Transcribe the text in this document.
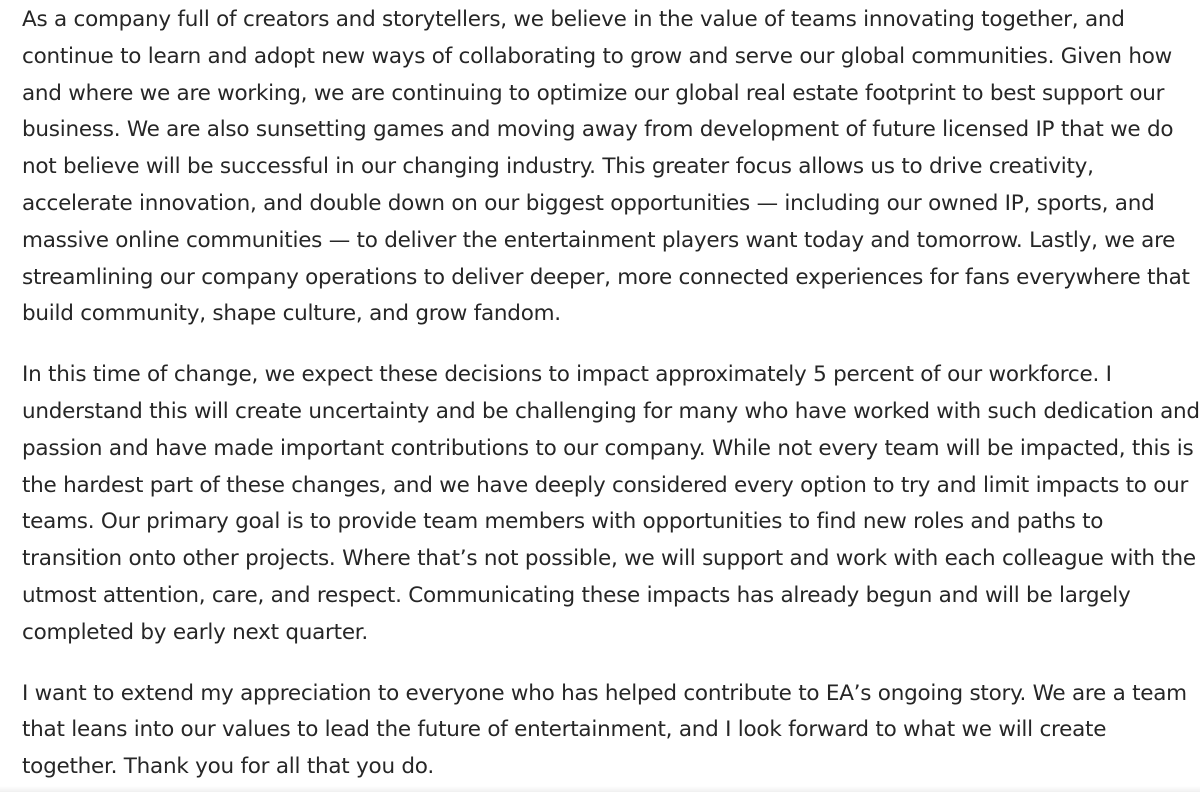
As a company full of creators and storytellers, we believe in the value of teams innovating together, and continue to learn and adopt new ways of collaborating to grow and serve our global communities. Given how and where we are working, we are continuing to optimize our global real estate footprint to best support our business. We are also sunsetting games and moving away from development of future licensed IP that we do not believe will be successful in our changing industry. This greater focus allows us to drive creativity, accelerate innovation, and double down on our biggest opportunities — including our owned IP, sports, and massive online communities — to deliver the entertainment players want today and tomorrow. Lastly, we are streamlining our company operations to deliver deeper, more connected experiences for fans everywhere that build community, shape culture, and grow fandom.

In this time of change, we expect these decisions to impact approximately 5 percent of our workforce. I understand this will create uncertainty and be challenging for many who have worked with such dedication and passion and have made important contributions to our company. While not every team will be impacted, this is the hardest part of these changes, and we have deeply considered every option to try and limit impacts to our teams. Our primary goal is to provide team members with opportunities to find new roles and paths to transition onto other projects. Where that’s not possible, we will support and work with each colleague with the utmost attention, care, and respect. Communicating these impacts has already begun and will be largely completed by early next quarter.

I want to extend my appreciation to everyone who has helped contribute to EA’s ongoing story. We are a team that leans into our values to lead the future of entertainment, and I look forward to what we will create together. Thank you for all that you do.
